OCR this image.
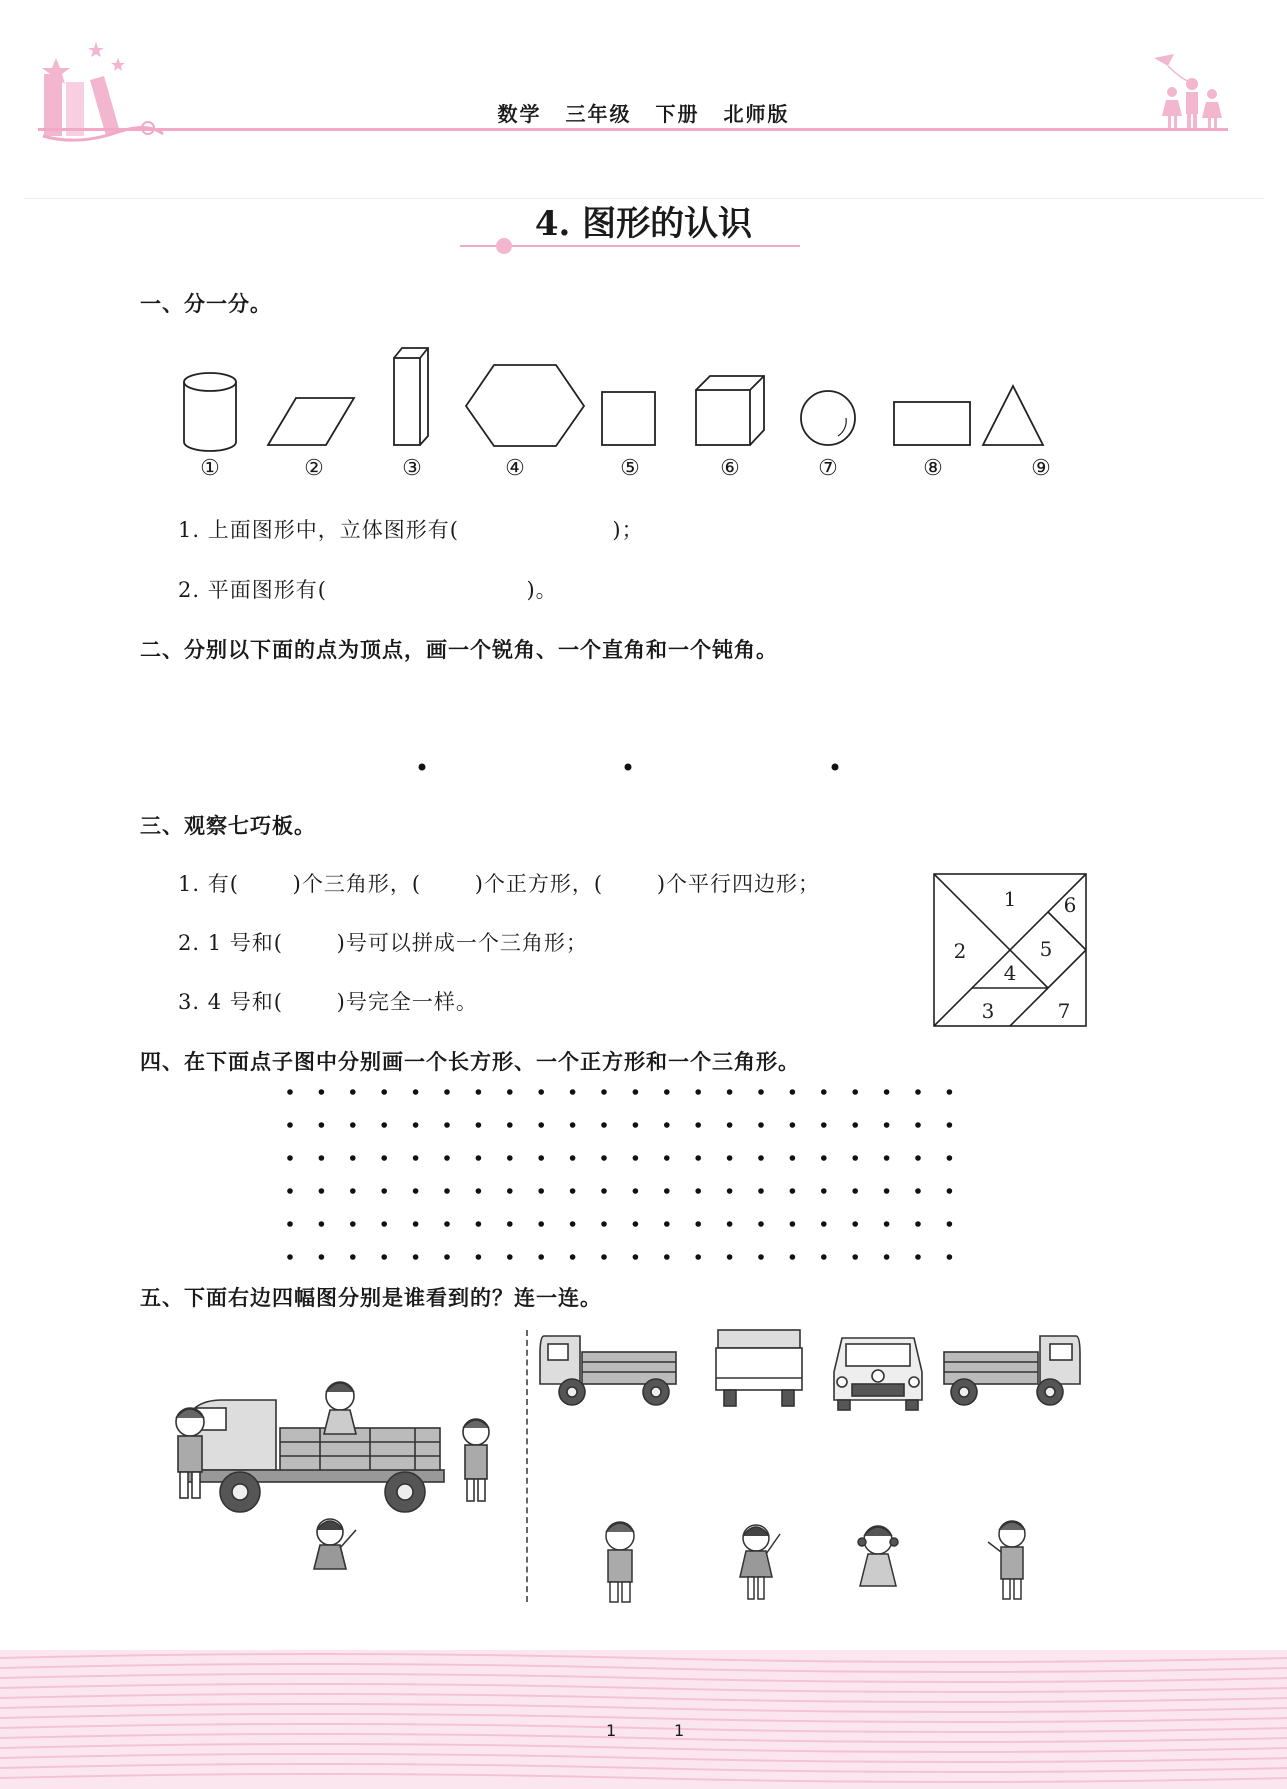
数学 三年级 下册 北师版
4. 图形的认识
一、分一分。
①	②	③	④	⑤	⑥	⑦	⑧	⑨
1. 上面图形中，立体图形有(                    )；
2. 平面图形有(                          )。
二、分别以下面的点为顶点，画一个锐角、一个直角和一个钝角。
三、观察七巧板。
1. 有(       )个三角形，(       )个正方形，(       )个平行四边形；
2. 1 号和(       )号可以拼成一个三角形；
3. 4 号和(       )号完全一样。
1
2
3
4
5
6
7
四、在下面点子图中分别画一个长方形、一个正方形和一个三角形。
五、下面右边四幅图分别是谁看到的？连一连。
1	1
